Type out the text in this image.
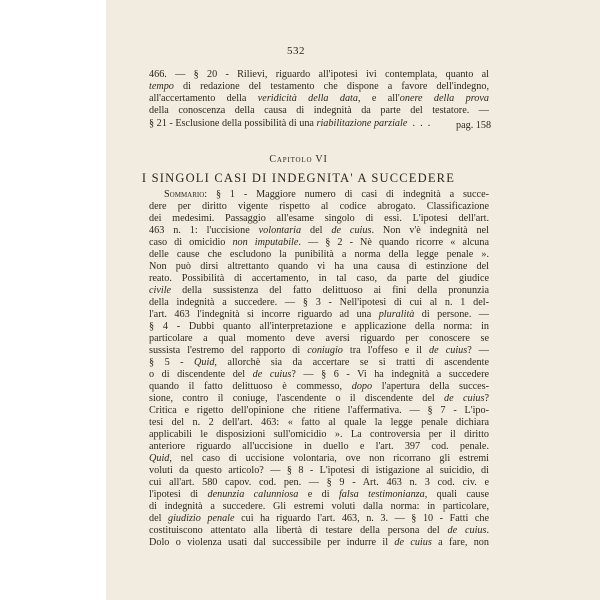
532
466. — § 20 - Rilievi, riguardo all'ipotesi ivi contemplata, quanto al
tempo di redazione del testamento che dispone a favore dell'indegno,
all'accertamento della veridicità della data, e all'onere della prova
della conoscenza della causa di indegnità da parte del testatore. —
§ 21 - Esclusione della possibilità di una riabilitazione parziale  .  .  .	pag. 158
Capitolo VI
I SINGOLI CASI DI INDEGNITA' A SUCCEDERE
Sommario: § 1 - Maggiore numero di casi di indegnità a succe-
dere per diritto vigente rispetto al codice abrogato. Classificazione
dei medesimi. Passaggio all'esame singolo di essi. L'ipotesi dell'art.
463 n. 1: l'uccisione volontaria del de cuius. Non v'è indegnità nel
caso di omicidio non imputabile. — § 2 - Nè quando ricorre « alcuna
delle cause che escludono la punibilità a norma della legge penale ».
Non può dirsi altrettanto quando vi ha una causa di estinzione del
reato. Possibilità di accertamento, in tal caso, da parte del giudice
civile della sussistenza del fatto delittuoso ai fini della pronunzia
della indegnità a succedere. — § 3 - Nell'ipotesi di cui al n. 1 del-
l'art. 463 l'indegnità si incorre riguardo ad una pluralità di persone. —
§ 4 - Dubbi quanto all'interpretazione e applicazione della norma: in
particolare a qual momento deve aversi riguardo per conoscere se
sussista l'estremo del rapporto di coniugio tra l'offeso e il de cuius? —
§ 5 - Quid, allorchè sia da accertare se si tratti di ascendente
o di discendente del de cuius? — § 6 - Vi ha indegnità a succedere
quando il fatto delittuoso è commesso, dopo l'apertura della succes-
sione, contro il coniuge, l'ascendente o il discendente del de cuius?
Critica e rigetto dell'opinione che ritiene l'affermativa. — § 7 - L'ipo-
tesi del n. 2 dell'art. 463: « fatto al quale la legge penale dichiara
applicabili le disposizioni sull'omicidio ». La controversia per il diritto
anteriore riguardo all'uccisione in duello e l'art. 397 cod. penale.
Quid, nel caso di uccisione volontaria, ove non ricorrano gli estremi
voluti da questo articolo? — § 8 - L'ipotesi di istigazione al suicidio, di
cui all'art. 580 capov. cod. pen. — § 9 - Art. 463 n. 3 cod. civ. e
l'ipotesi di denunzia calunniosa e di falsa testimonianza, quali cause
di indegnità a succedere. Gli estremi voluti dalla norma: in particolare,
del giudizio penale cui ha riguardo l'art. 463, n. 3. — § 10 - Fatti che
costituiscono attentato alla libertà di testare della persona del de cuius.
Dolo o violenza usati dal successibile per indurre il de cuius a fare, non
